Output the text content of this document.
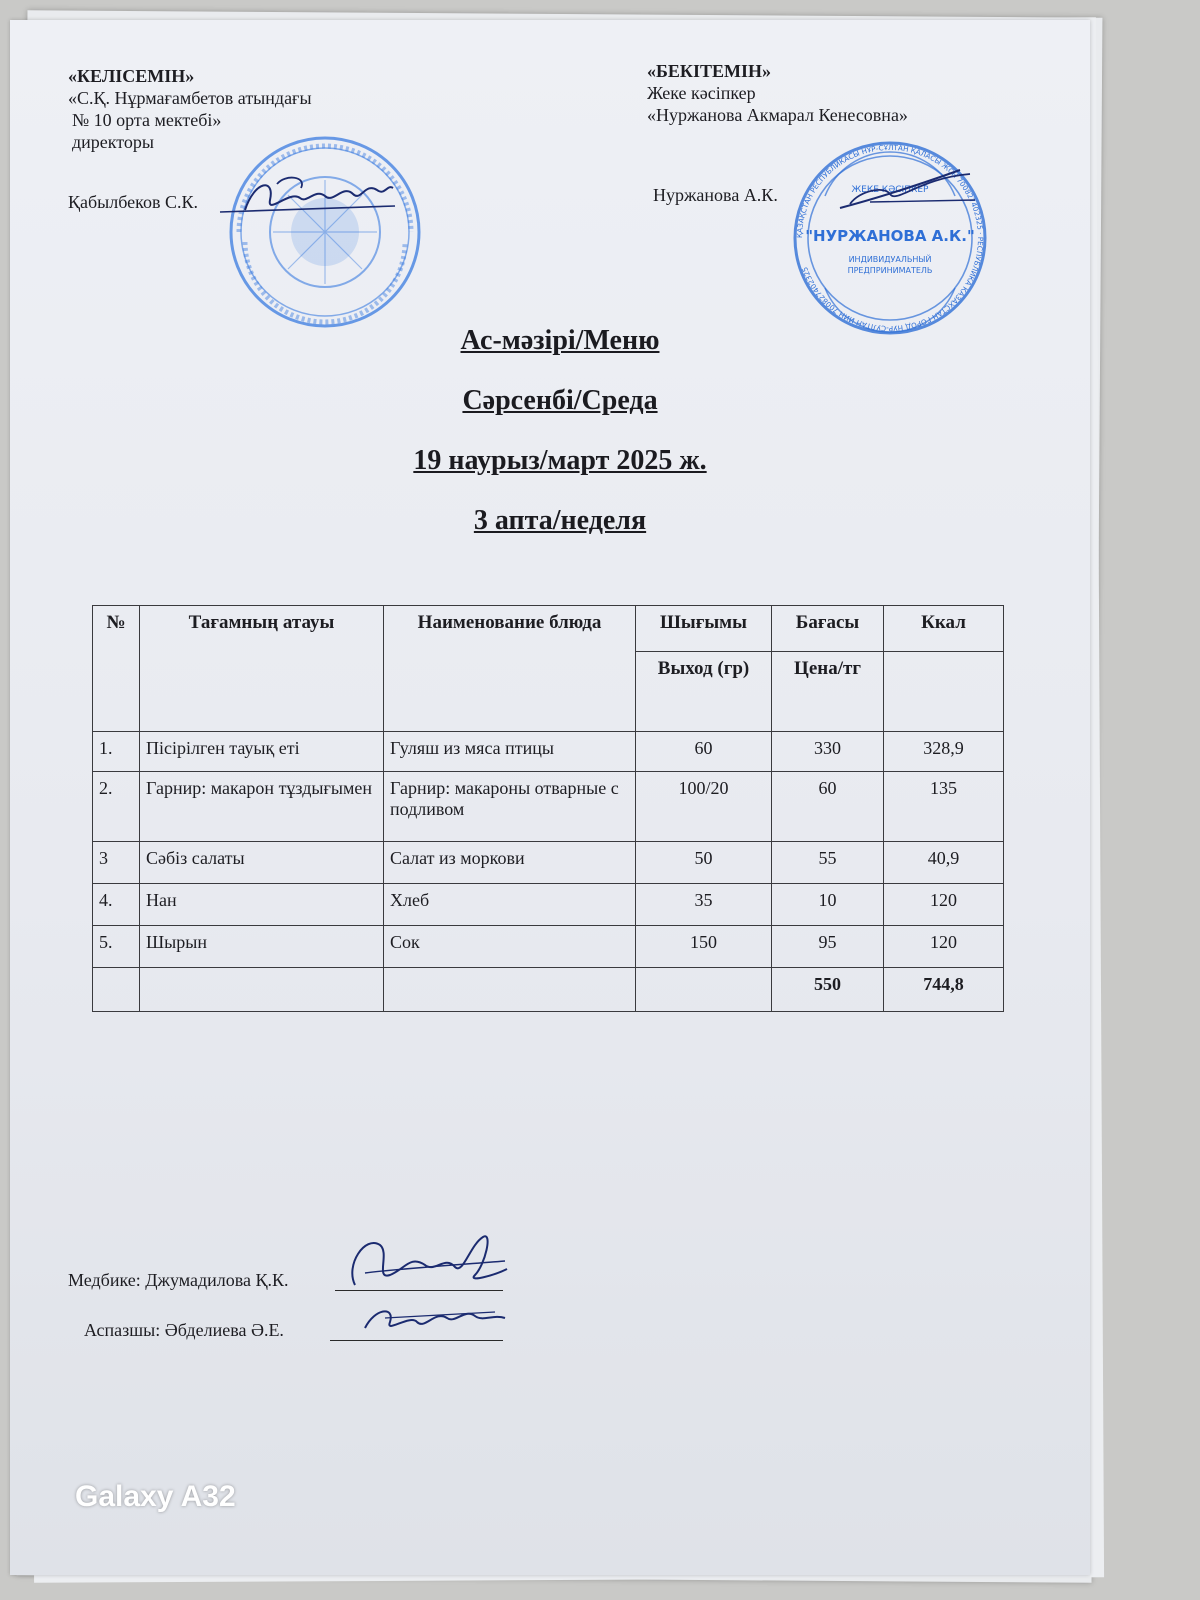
«КЕЛІСЕМІН»
«С.Қ. Нұрмағамбетов атындағы
№ 10 орта мектебі»
директоры
Қабылбеков С.К.
«БЕКІТЕМІН»
Жеке кәсіпкер
«Нуржанова Акмарал Кенесовна»
Нуржанова А.К.	ЖЕКЕ КӘСІПКЕР
"НУРЖАНОВА А.К."
ИНДИВИДУАЛЬНЫЙ
ПРЕДПРИНИМАТЕЛЬ
ҚАЗАҚСТАН РЕСПУБЛИКАСЫ НҰР-СҰЛТАН ҚАЛАСЫ ЖСН 700827402325 · РЕСПУБЛИКА КАЗАХСТАН ГОРОД НУР-СУЛТАН ИИН 700827402325
Ас-мәзірі/Меню
Сәрсенбі/Среда
19 наурыз/март 2025 ж.
3 апта/неделя
№	Тағамның атауы	Наименование блюда	Шығымы	Бағасы	Ккал
			Выход (гр)	Цена/тг	
1.	Пісірілген тауық еті	Гуляш из мяса птицы	60	330	328,9
2.	Гарнир: макарон тұздығымен	Гарнир: макароны отварные с подливом	100/20	60	135
3	Сәбіз салаты	Салат из моркови	50	55	40,9
4.	Нан	Хлеб	35	10	120
5.	Шырын	Сок	150	95	120
				550	744,8
Медбике: Джумадилова Қ.К.
Аспазшы: Әбделиева Ә.Е.
Galaxy A32
